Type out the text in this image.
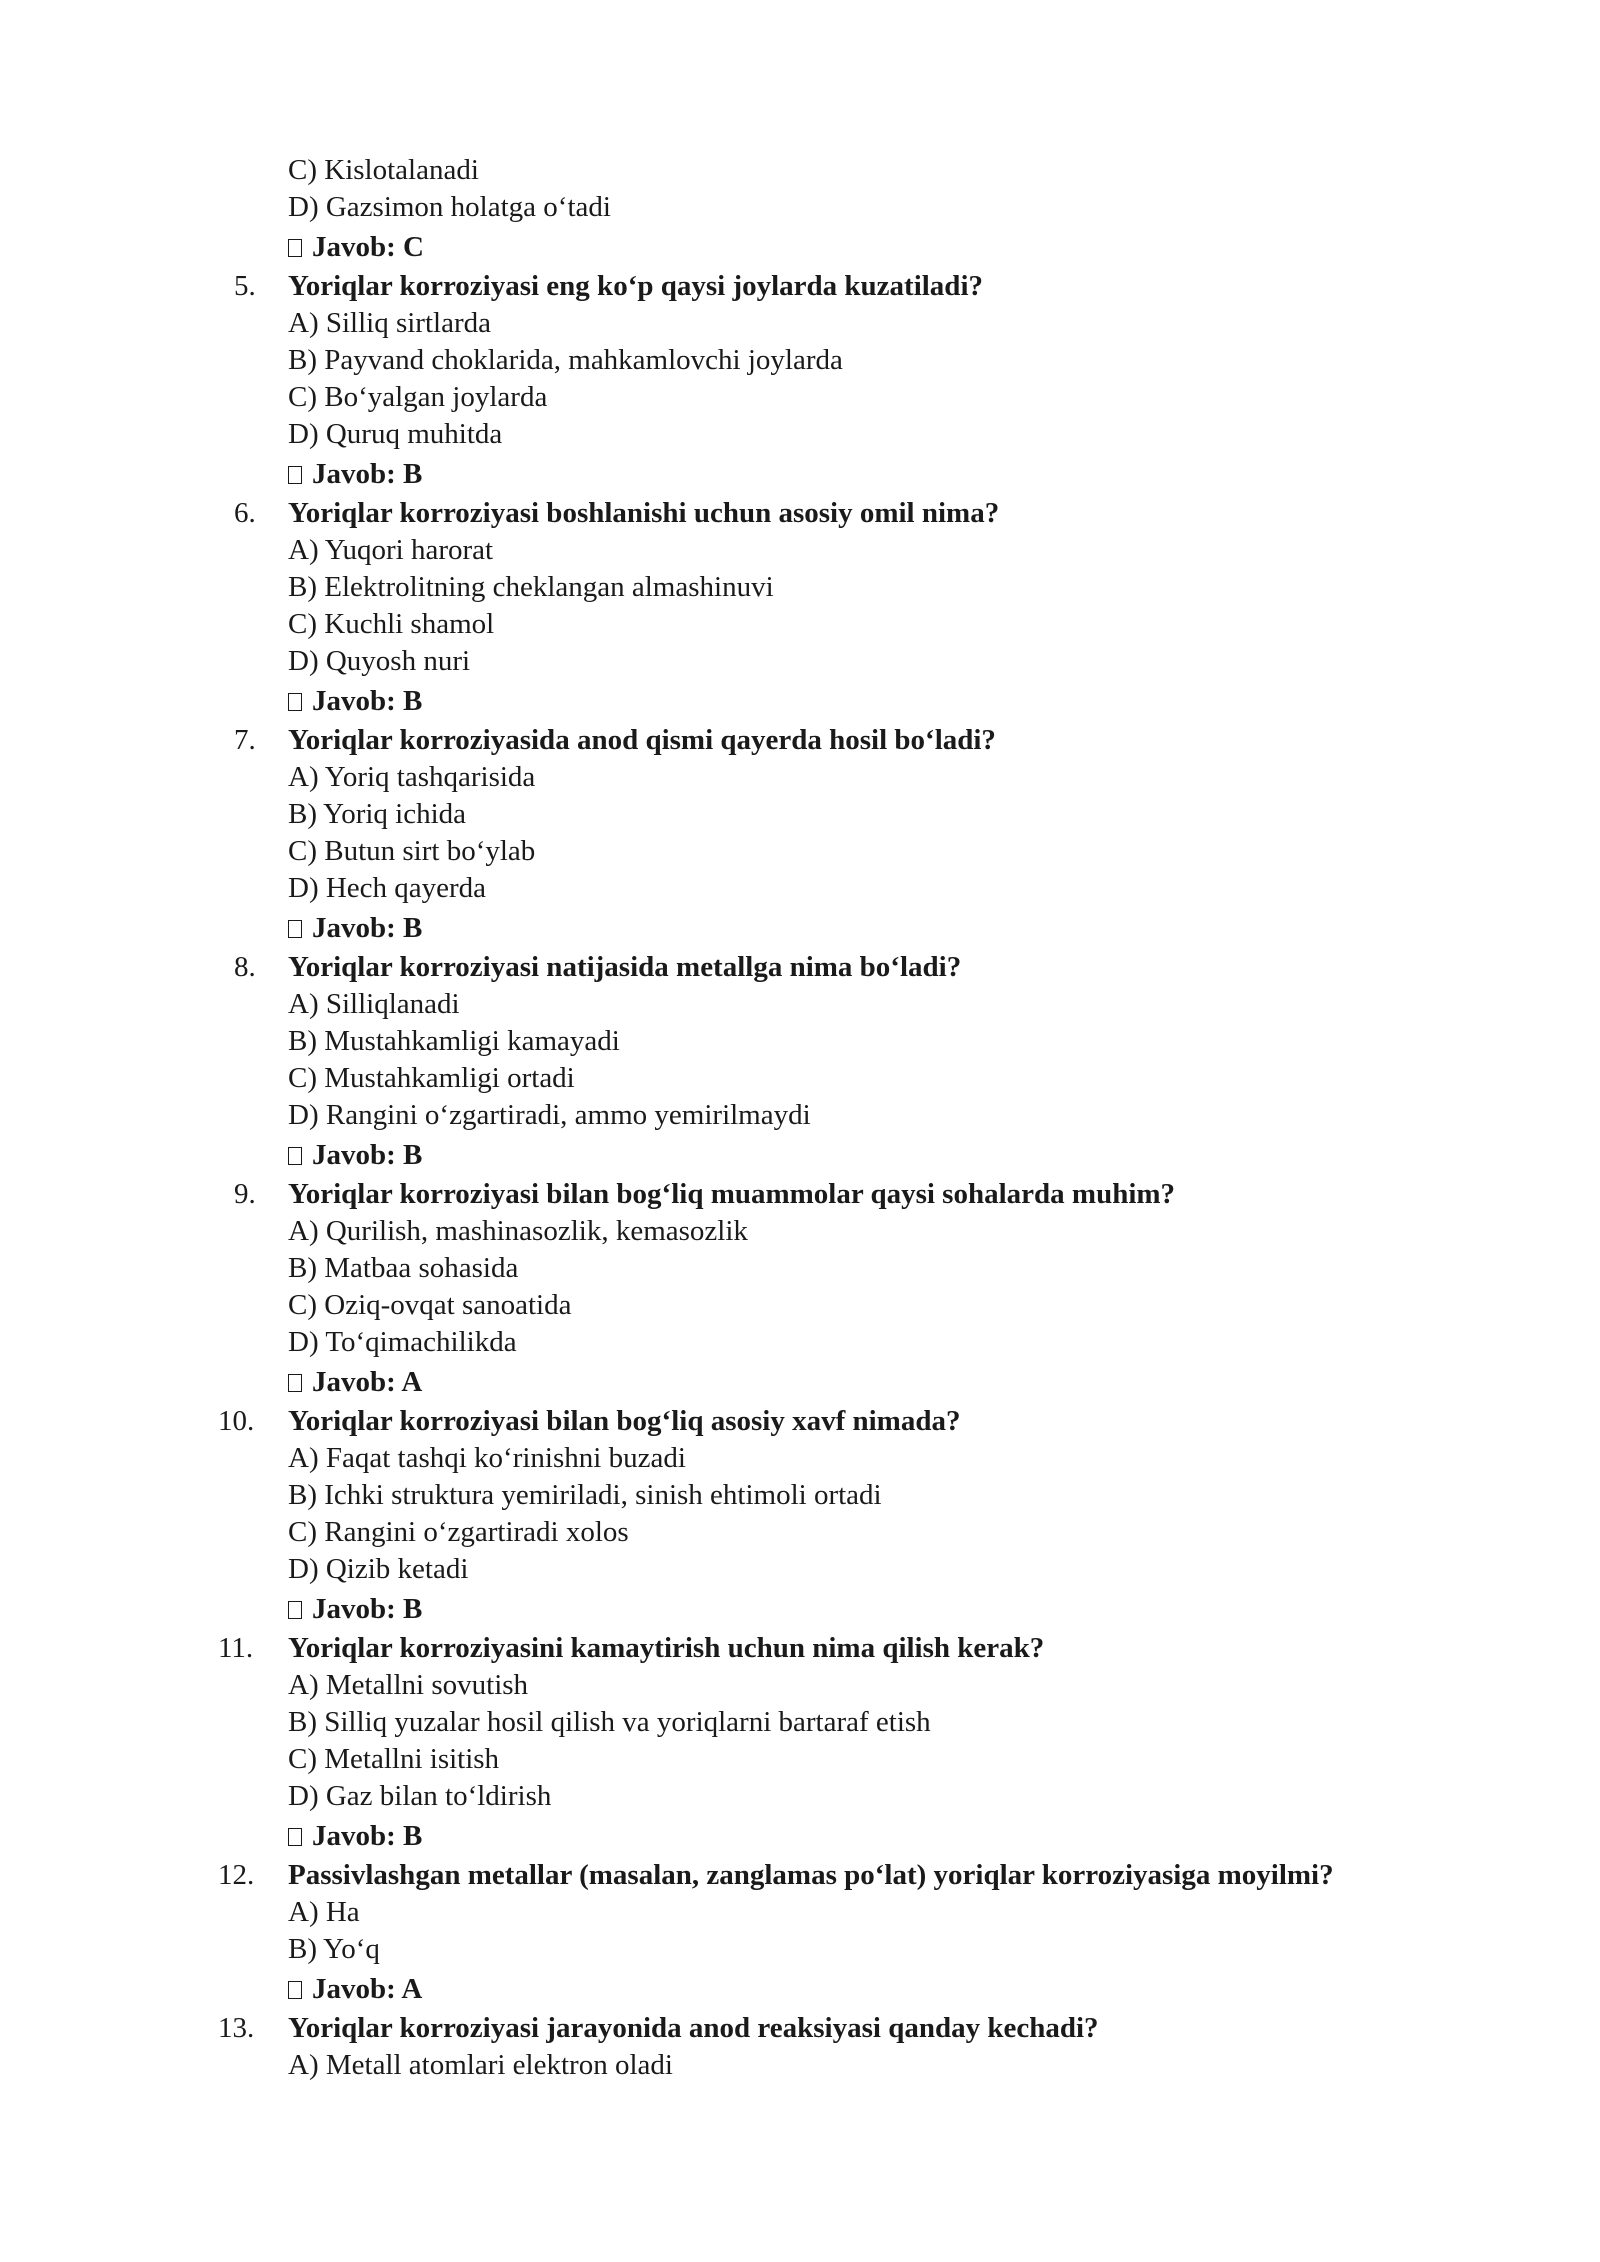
C) Kislotalanadi
D) Gazsimon holatga o‘tadi
Javob: C
5. Yoriqlar korroziyasi eng ko‘p qaysi joylarda kuzatiladi?
A) Silliq sirtlarda
B) Payvand choklarida, mahkamlovchi joylarda
C) Bo‘yalgan joylarda
D) Quruq muhitda
Javob: B
6. Yoriqlar korroziyasi boshlanishi uchun asosiy omil nima?
A) Yuqori harorat
B) Elektrolitning cheklangan almashinuvi
C) Kuchli shamol
D) Quyosh nuri
Javob: B
7. Yoriqlar korroziyasida anod qismi qayerda hosil bo‘ladi?
A) Yoriq tashqarisida
B) Yoriq ichida
C) Butun sirt bo‘ylab
D) Hech qayerda
Javob: B
8. Yoriqlar korroziyasi natijasida metallga nima bo‘ladi?
A) Silliqlanadi
B) Mustahkamligi kamayadi
C) Mustahkamligi ortadi
D) Rangini o‘zgartiradi, ammo yemirilmaydi
Javob: B
9. Yoriqlar korroziyasi bilan bog‘liq muammolar qaysi sohalarda muhim?
A) Qurilish, mashinasozlik, kemasozlik
B) Matbaa sohasida
C) Oziq-ovqat sanoatida
D) To‘qimachilikda
Javob: A
10. Yoriqlar korroziyasi bilan bog‘liq asosiy xavf nimada?
A) Faqat tashqi ko‘rinishni buzadi
B) Ichki struktura yemiriladi, sinish ehtimoli ortadi
C) Rangini o‘zgartiradi xolos
D) Qizib ketadi
Javob: B
11. Yoriqlar korroziyasini kamaytirish uchun nima qilish kerak?
A) Metallni sovutish
B) Silliq yuzalar hosil qilish va yoriqlarni bartaraf etish
C) Metallni isitish
D) Gaz bilan to‘ldirish
Javob: B
12. Passivlashgan metallar (masalan, zanglamas po‘lat) yoriqlar korroziyasiga moyilmi?
A) Ha
B) Yo‘q
Javob: A
13. Yoriqlar korroziyasi jarayonida anod reaksiyasi qanday kechadi?
A) Metall atomlari elektron oladi
